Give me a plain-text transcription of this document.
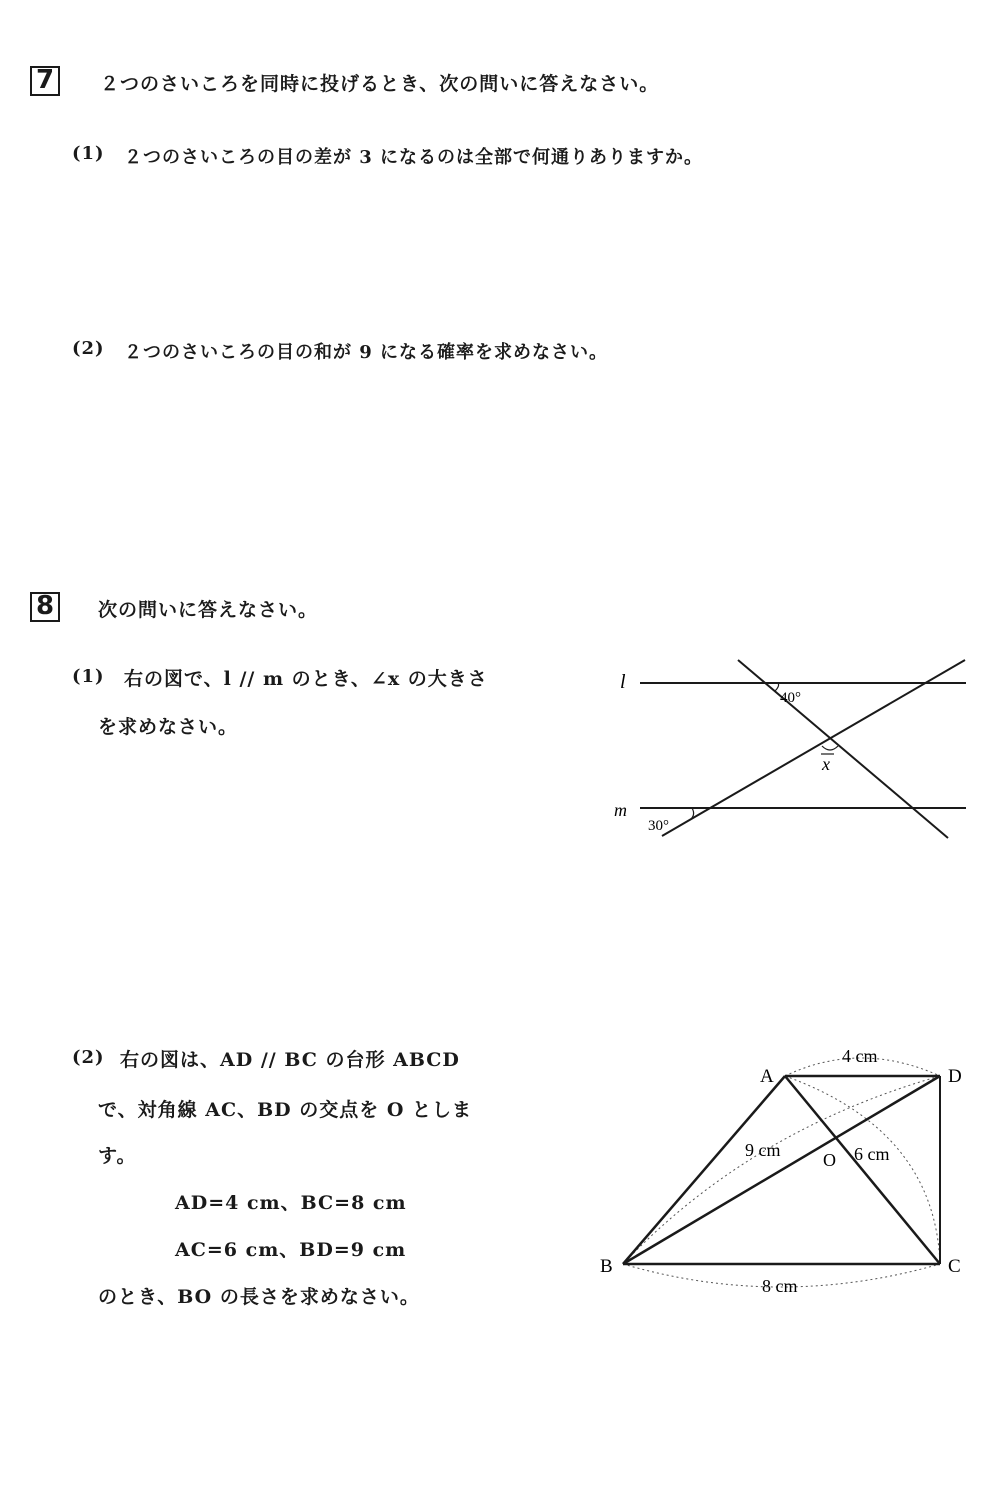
7	２つのさいころを同時に投げるとき、次の問いに答えなさい。
(1) ２つのさいころの目の差が 3 になるのは全部で何通りありますか。
(2) ２つのさいころの目の和が 9 になる確率を求めなさい。
8	次の問いに答えなさい。
(1) 右の図で、l // m のとき、∠x の大きさ
を求めなさい。
l
m
40°
30°
x
(2) 右の図は、AD // BC の台形 ABCD
で、対角線 AC、BD の交点を O としま
す。
AD=4 cm、BC=8 cm
AC=6 cm、BD=9 cm
のとき、BO の長さを求めなさい。
A	D
B	C
O
4 cm
8 cm
9 cm	6 cm
